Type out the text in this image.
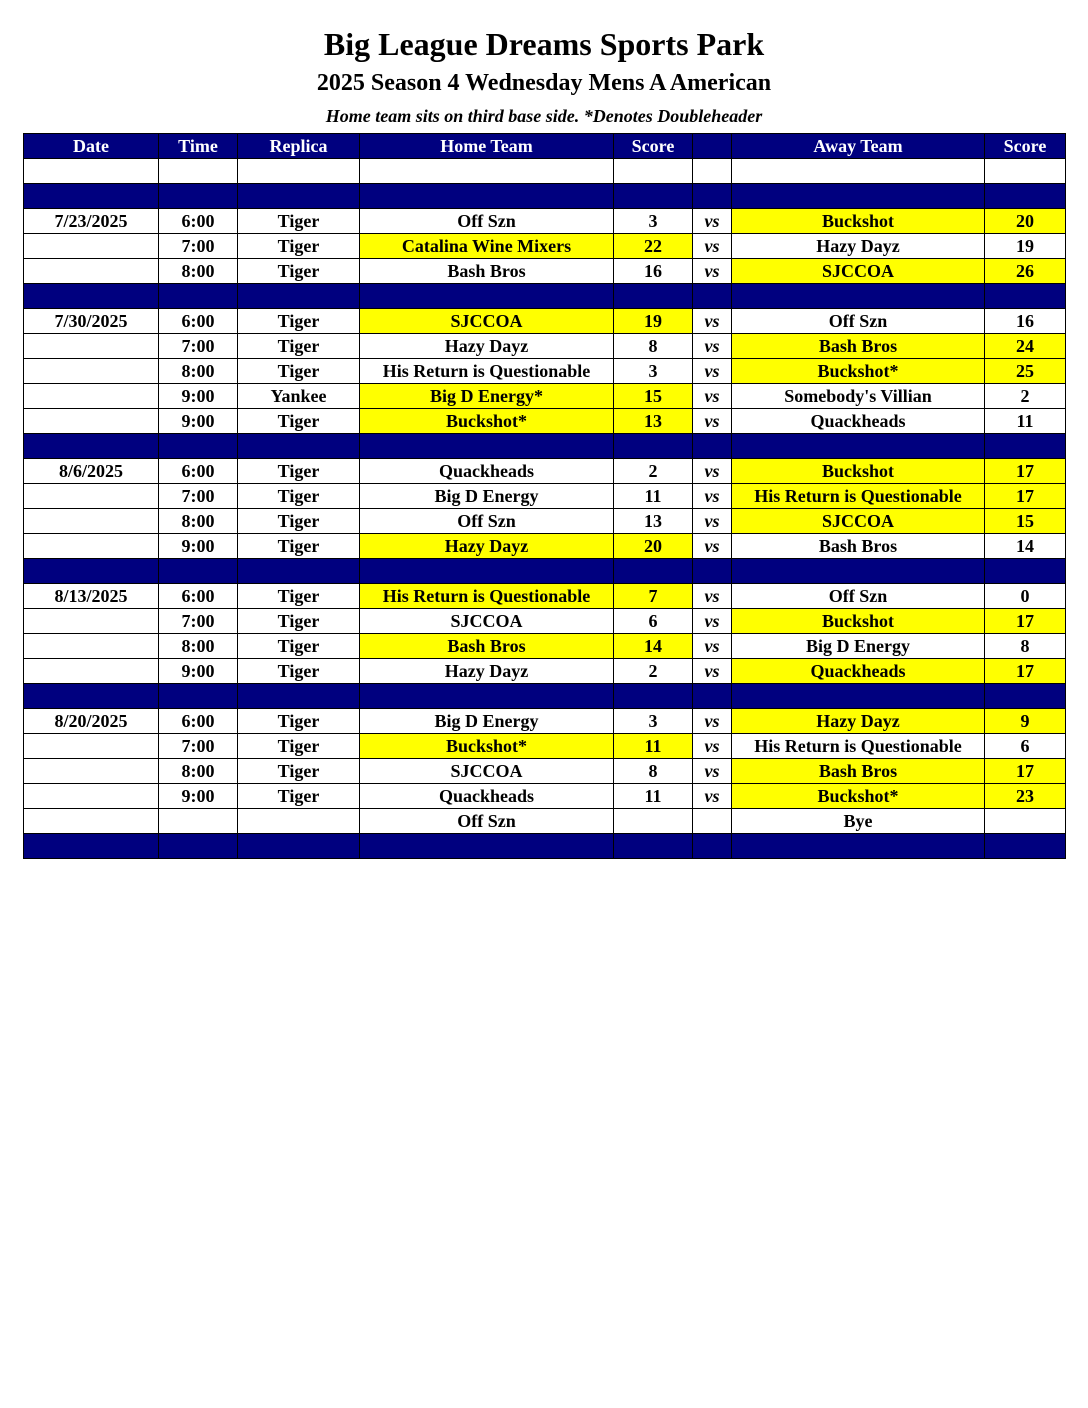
Big League Dreams Sports Park
2025 Season 4 Wednesday Mens A American
Home team sits on third base side. *Denotes Doubleheader
Date	Time	Replica	Home Team	Score		Away Team	Score

7/23/2025	6:00	Tiger	Off Szn	3	vs	Buckshot	20
	7:00	Tiger	Catalina Wine Mixers	22	vs	Hazy Dayz	19
	8:00	Tiger	Bash Bros	16	vs	SJCCOA	26

7/30/2025	6:00	Tiger	SJCCOA	19	vs	Off Szn	16
	7:00	Tiger	Hazy Dayz	8	vs	Bash Bros	24
	8:00	Tiger	His Return is Questionable	3	vs	Buckshot*	25
	9:00	Yankee	Big D Energy*	15	vs	Somebody's Villian	2
	9:00	Tiger	Buckshot*	13	vs	Quackheads	11

8/6/2025	6:00	Tiger	Quackheads	2	vs	Buckshot	17
	7:00	Tiger	Big D Energy	11	vs	His Return is Questionable	17
	8:00	Tiger	Off Szn	13	vs	SJCCOA	15
	9:00	Tiger	Hazy Dayz	20	vs	Bash Bros	14

8/13/2025	6:00	Tiger	His Return is Questionable	7	vs	Off Szn	0
	7:00	Tiger	SJCCOA	6	vs	Buckshot	17
	8:00	Tiger	Bash Bros	14	vs	Big D Energy	8
	9:00	Tiger	Hazy Dayz	2	vs	Quackheads	17

8/20/2025	6:00	Tiger	Big D Energy	3	vs	Hazy Dayz	9
	7:00	Tiger	Buckshot*	11	vs	His Return is Questionable	6
	8:00	Tiger	SJCCOA	8	vs	Bash Bros	17
	9:00	Tiger	Quackheads	11	vs	Buckshot*	23
			Off Szn			Bye	
